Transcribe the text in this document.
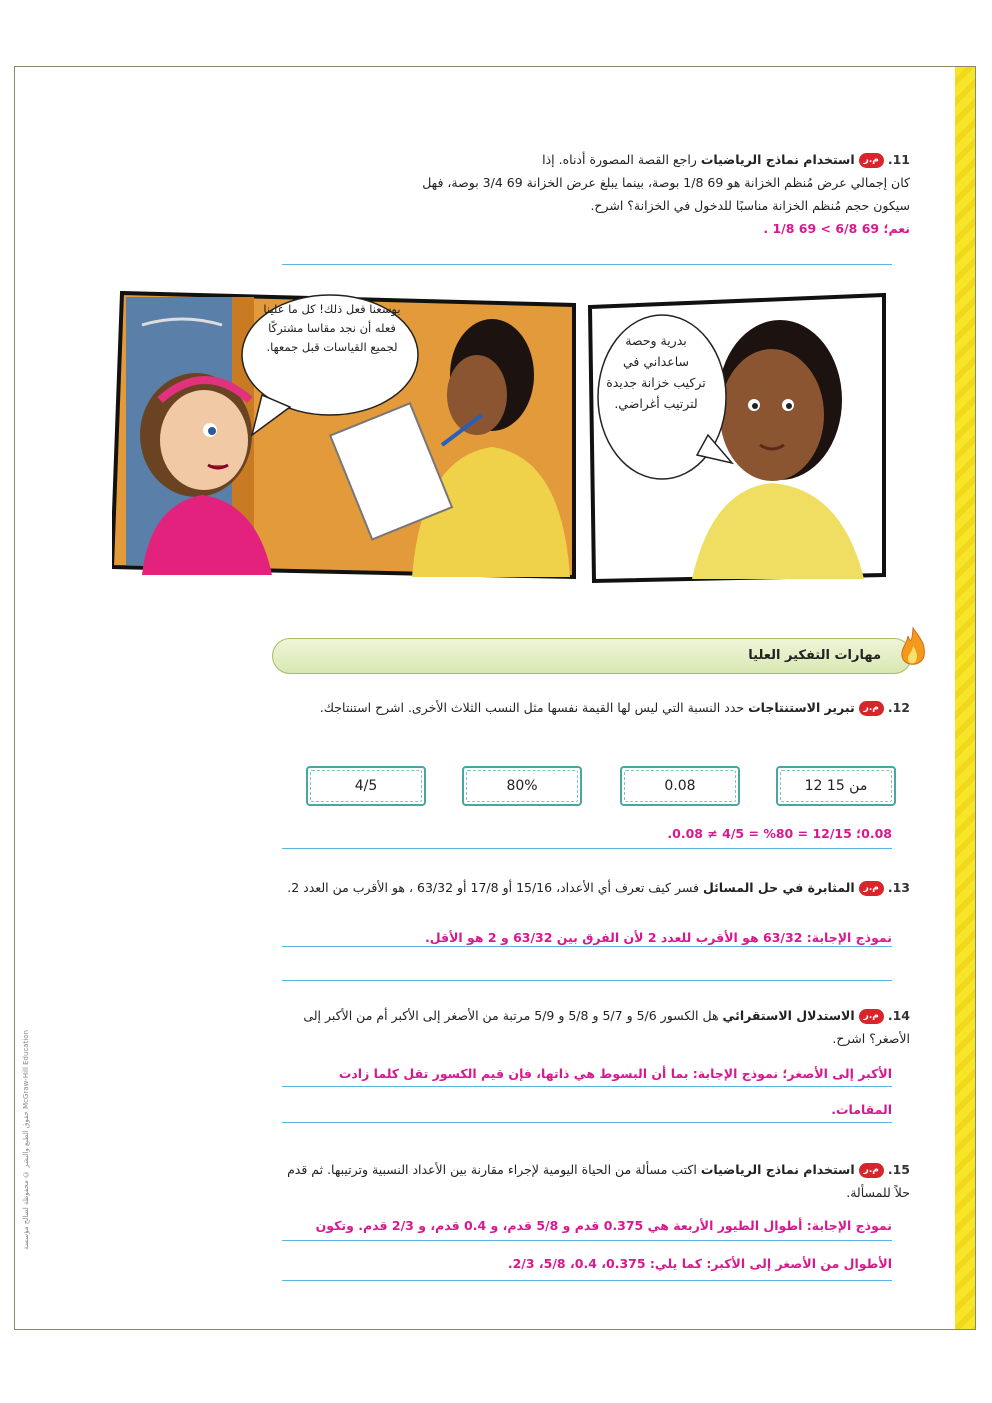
حقوق الطبع والنشر © محفوظة لصالح مؤسسة McGraw-Hill Education
11.م.راستخدام نماذج الرياضيات راجع القصة المصورة أدناه. إذا
كان إجمالي عرض مُنظم الخزانة هو 69 1/8 بوصة، بينما يبلغ عرض الخزانة 69 3/4 بوصة، فهل
سيكون حجم مُنظم الخزانة مناسبًا للدخول في الخزانة؟ اشرح.
نعم؛ 69 6/8 > 69 1/8 .
بوسعنا فعل ذلك! كل ما علينا فعله أن نجد مقاسا مشتركًا لجميع القياسات قبل جمعها.	بدرية وحصة ساعداني في تركيب خزانة جديدة لترتيب أغراضي.
مهارات التفكير العليا
12.م.رتبرير الاستنتاجات حدد النسبة التي ليس لها القيمة نفسها مثل النسب الثلاث الأخرى. اشرح استنتاجك.
12 من 15
0.08
80%
4/5
0.08؛ 12/15 = 80% = 4/5 ≠ 0.08.
13.م.رالمثابرة في حل المسائل فسر كيف تعرف أي الأعداد، 15/16 أو 17/8 أو 63/32 ، هو الأقرب من العدد 2.
نموذج الإجابة: 63/32 هو الأقرب للعدد 2 لأن الفرق بين 63/32 و 2 هو الأقل.
14.م.رالاستدلال الاستقرائي هل الكسور 5/6 و 5/7 و 5/8 و 5/9 مرتبة من الأصغر إلى الأكبر أم من الأكبر إلى الأصغر؟ اشرح.
الأكبر إلى الأصغر؛ نموذج الإجابة: بما أن البسوط هي ذاتها، فإن قيم الكسور تقل كلما زادت
المقامات.
15.م.راستخدام نماذج الرياضيات اكتب مسألة من الحياة اليومية لإجراء مقارنة بين الأعداد النسبية وترتيبها. ثم قدم حلاً للمسألة.
نموذج الإجابة: أطوال الطيور الأربعة هي 0.375 قدم و 5/8 قدم، و 0.4 قدم، و 2/3 قدم. وتكون
الأطوال من الأصغر إلى الأكبر: كما يلي: 0.375، 0.4، 5/8، 2/3.
